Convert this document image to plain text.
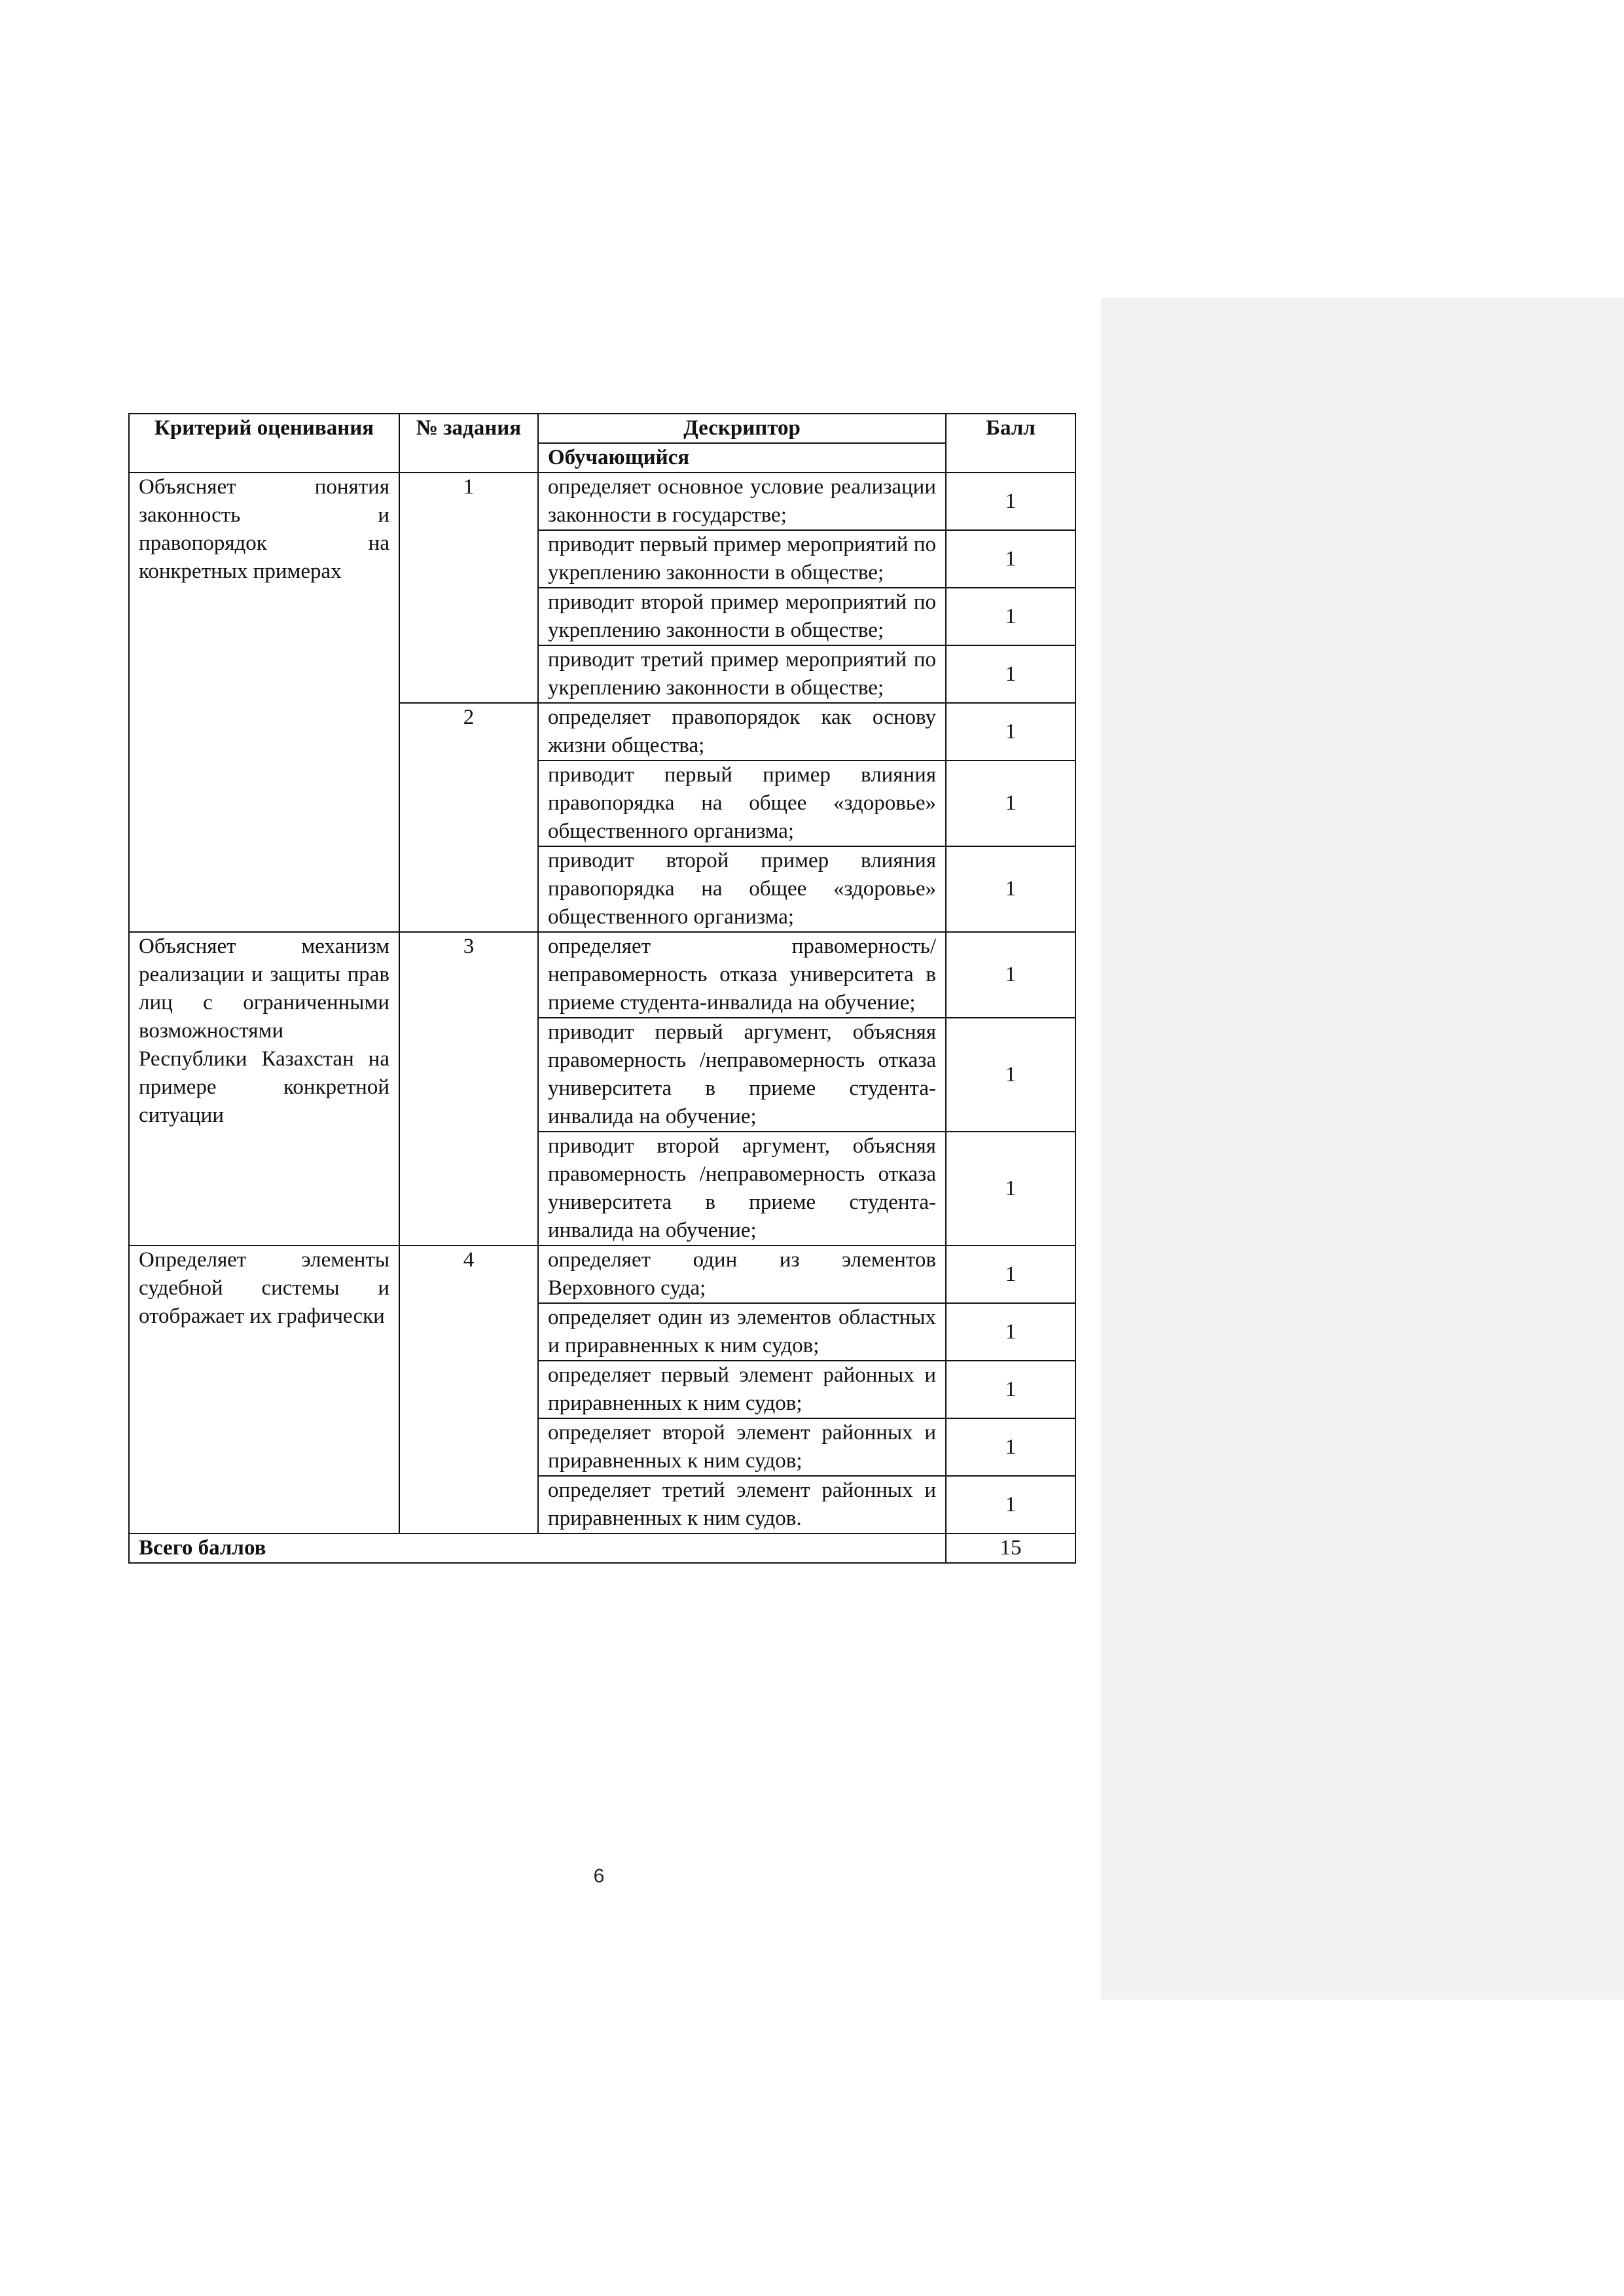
Критерий оценивания	№ задания	Дескриптор	Балл
		Обучающийся	
Объясняет понятия законность и правопорядок на конкретных примерах	1	определяет основное условие реализации законности в государстве;	1
		приводит первый пример мероприятий по укреплению законности в обществе;	1
		приводит второй пример мероприятий по укреплению законности в обществе;	1
		приводит третий пример мероприятий по укреплению законности в обществе;	1
	2	определяет правопорядок как основу жизни общества;	1
		приводит первый пример влияния правопорядка на общее «здоровье» общественного организма;	1
		приводит второй пример влияния правопорядка на общее «здоровье» общественного организма;	1
Объясняет механизм реализации и защиты прав лиц с ограниченными возможностями Республики Казахстан на примере конкретной ситуации	3	определяет правомерность/неправомерность отказа университета в приеме студента-инвалида на обучение;	1
		приводит первый аргумент, объясняя правомерность /неправомерность отказа университета в приеме студента-инвалида на обучение;	1
		приводит второй аргумент, объясняя правомерность /неправомерность отказа университета в приеме студента-инвалида на обучение;	1
Определяет элементы судебной системы и отображает их графически	4	определяет один из элементов Верховного суда;	1
		определяет один из элементов областных и приравненных к ним судов;	1
		определяет первый элемент районных и приравненных к ним судов;	1
		определяет второй элемент районных и приравненных к ним судов;	1
		определяет третий элемент районных и приравненных к ним судов.	1
Всего баллов			15
6
